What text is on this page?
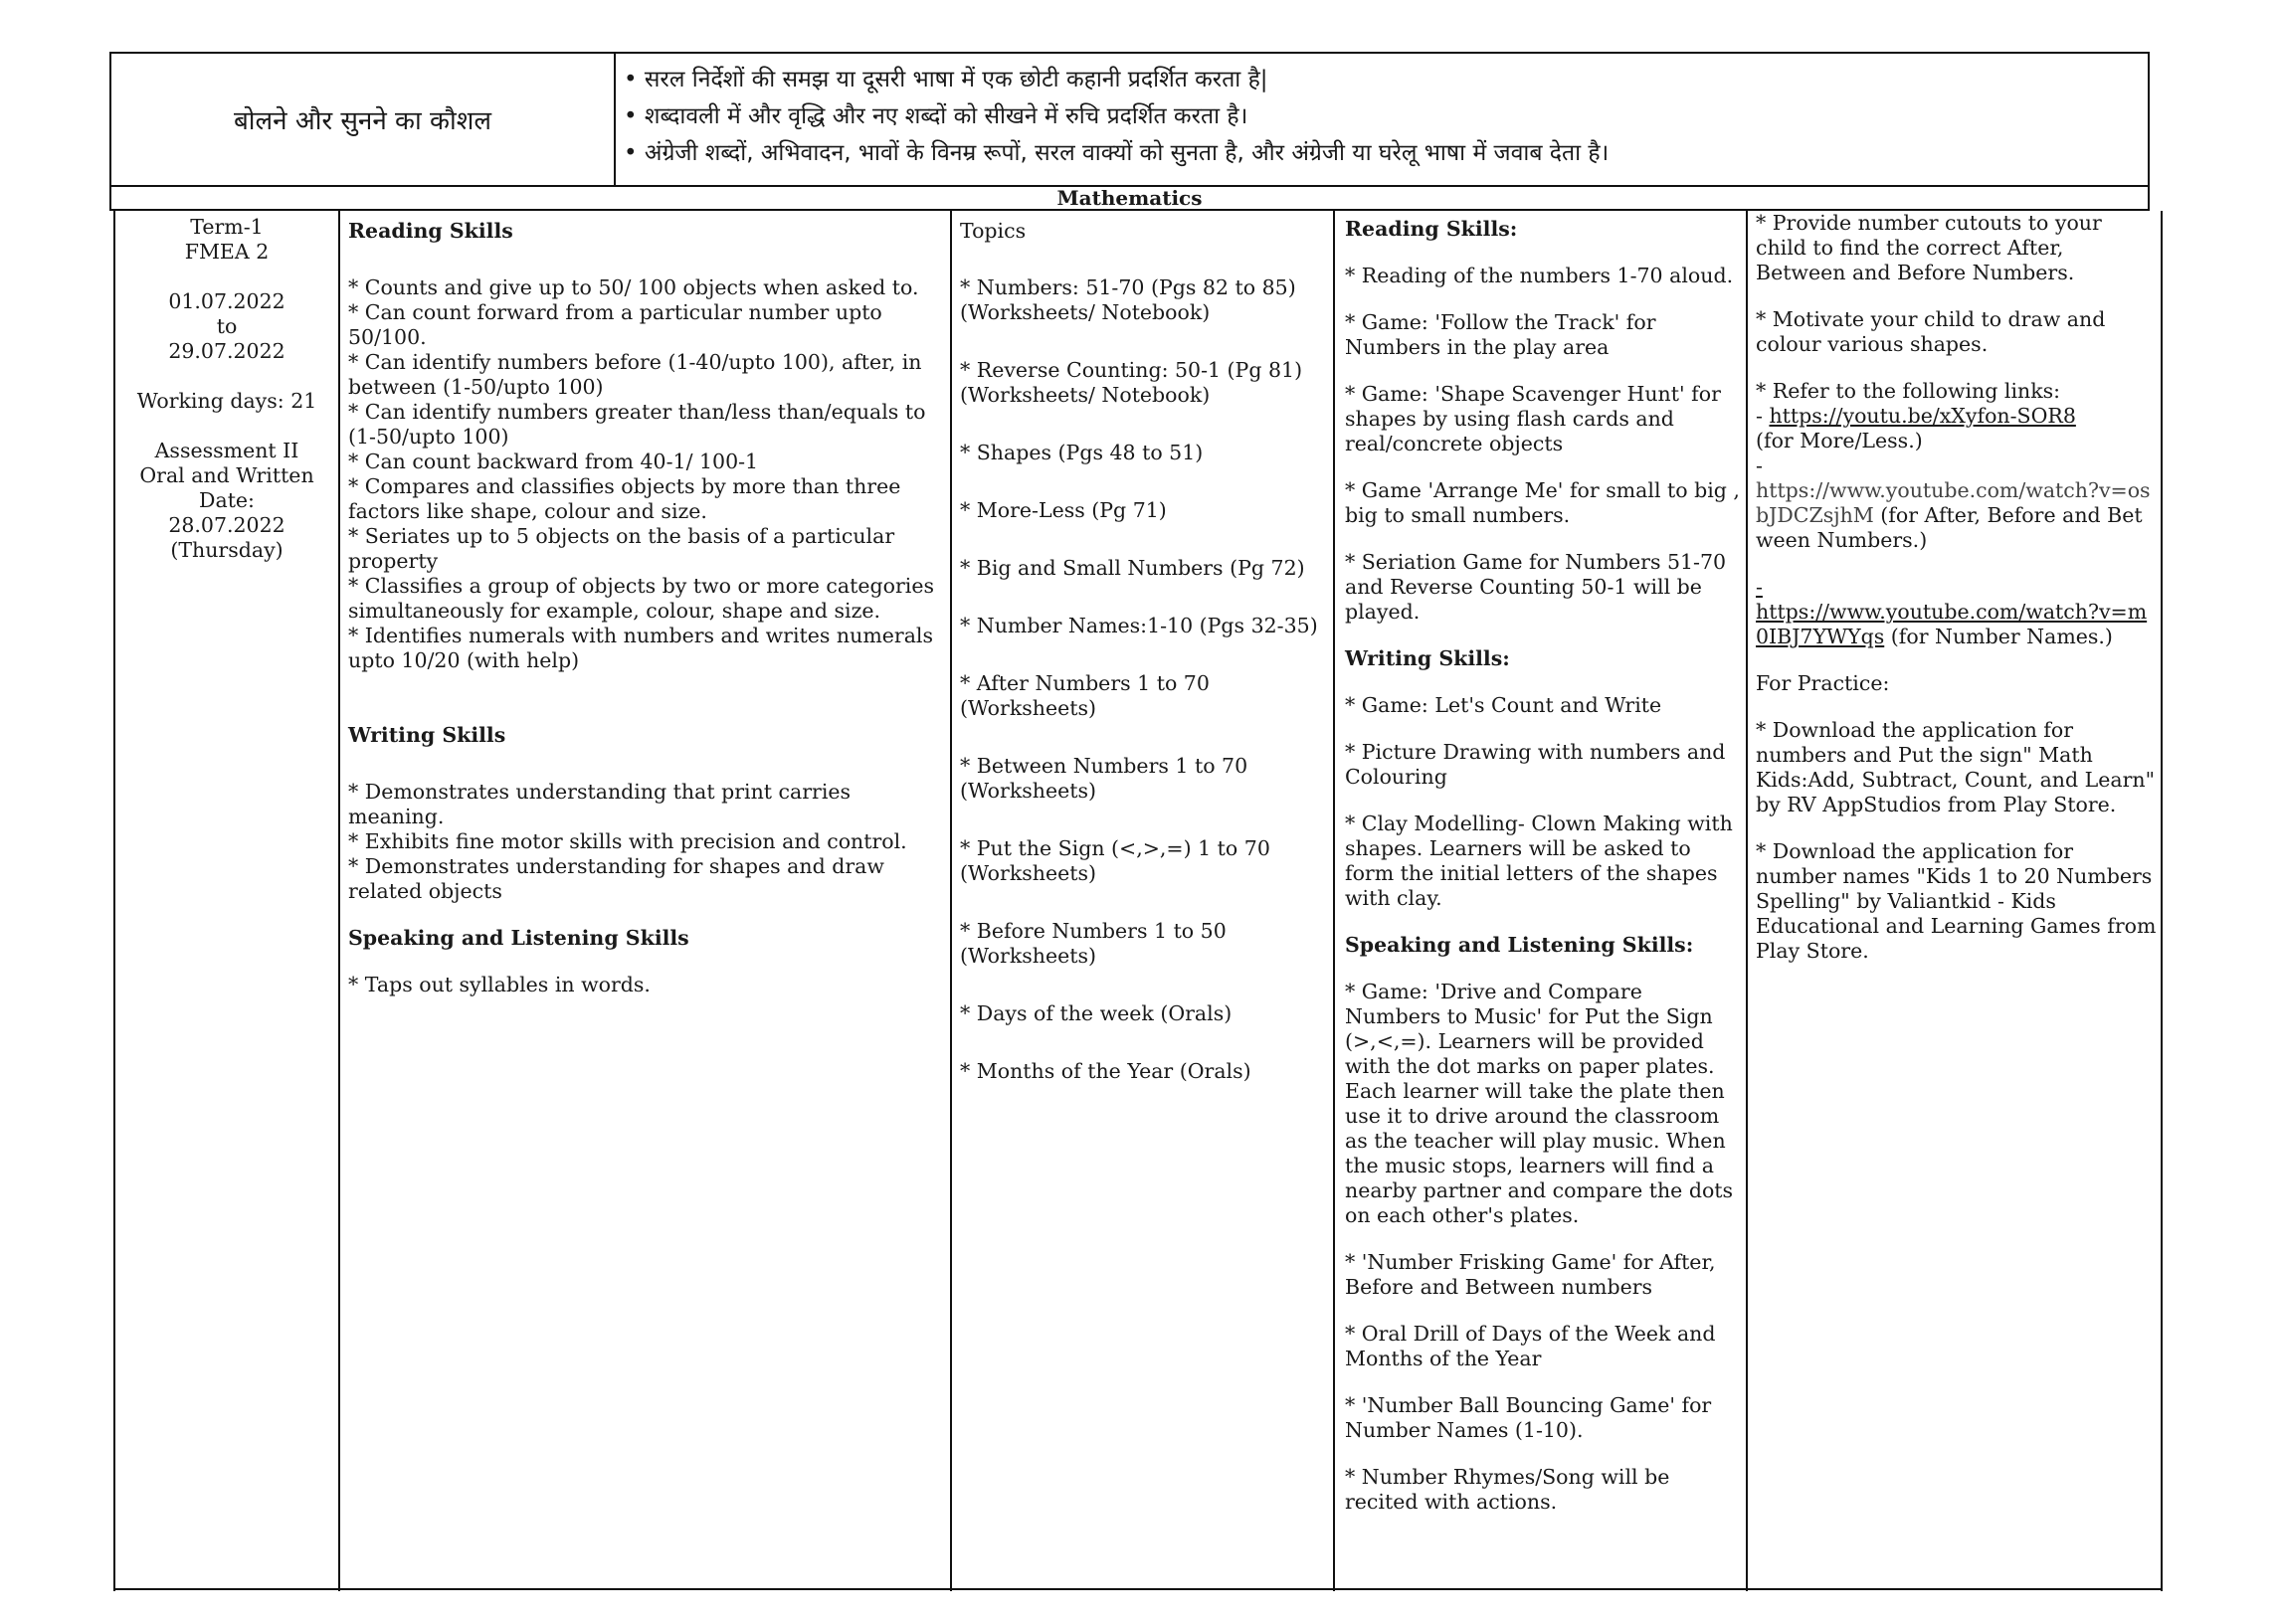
बोलने और सुनने का कौशल
• सरल निर्देशों की समझ या दूसरी भाषा में एक छोटी कहानी प्रदर्शित करता है|
• शब्दावली में और वृद्धि और नए शब्दों को सीखने में रुचि प्रदर्शित करता है।
• अंग्रेजी शब्दों, अभिवादन, भावों के विनम्र रूपों, सरल वाक्यों को सुनता है, और अंग्रेजी या घरेलू भाषा में जवाब देता है।
Mathematics

Term-1

FMEA 2

01.07.2022

to

29.07.2022

Working days: 21

Assessment II

Oral and Written

Date:

28.07.2022

(Thursday)

Reading Skills

* Counts and give up to 50/ 100 objects when asked to.

* Can count forward from a particular number upto 50/100.

* Can identify numbers before (1-40/upto 100), after, in between (1-50/upto 100)

* Can identify numbers greater than/less than/equals to (1-50/upto 100)

* Can count backward from 40-1/ 100-1

* Compares and classifies objects by more than three factors like shape, colour and size.

* Seriates up to 5 objects on the basis of a particular property

* Classifies a group of objects by two or more categories simultaneously for example, colour, shape and size.

* Identifies numerals with numbers and writes numerals upto 10/20 (with help)

Writing Skills

* Demonstrates understanding that print carries meaning.

* Exhibits fine motor skills with precision and control.

* Demonstrates understanding for shapes and draw related objects

Speaking and Listening Skills

* Taps out syllables in words.

Topics

* Numbers: 51-70 (Pgs 82 to 85) (Worksheets/ Notebook)

* Reverse Counting: 50-1 (Pg 81) (Worksheets/ Notebook)

* Shapes (Pgs 48 to 51)

* More-Less (Pg 71)

* Big and Small Numbers (Pg 72)

* Number Names:1-10 (Pgs 32-35)

* After Numbers 1 to 70 (Worksheets)

* Between Numbers 1 to 70 (Worksheets)

* Put the Sign (<,>,=) 1 to 70 (Worksheets)

* Before Numbers 1 to 50 (Worksheets)

* Days of the week (Orals)

* Months of the Year (Orals)

Reading Skills:

* Reading of the numbers 1-70 aloud.

* Game: 'Follow the Track' for Numbers in the play area

* Game: 'Shape Scavenger Hunt' for shapes by using flash cards and real/concrete objects

* Game 'Arrange Me' for small to big , big to small numbers.

* Seriation Game for Numbers 51-70 and Reverse Counting 50-1 will be played.

Writing Skills:

* Game: Let's Count and Write

* Picture Drawing with numbers and Colouring

* Clay Modelling- Clown Making with shapes. Learners will be asked to form the initial letters of the shapes with clay.

Speaking and Listening Skills:

* Game: 'Drive and Compare Numbers to Music' for Put the Sign (>,<,=). Learners will be provided with the dot marks on paper plates. Each learner will take the plate then use it to drive around the classroom as the teacher will play music. When the music stops, learners will find a nearby partner and compare the dots on each other's plates.

* 'Number Frisking Game' for After, Before and Between numbers

* Oral Drill of Days of the Week and Months of the Year

* 'Number Ball Bouncing Game' for Number Names (1-10).

* Number Rhymes/Song will be recited with actions.

* Provide number cutouts to your child to find the correct After, Between and Before Numbers.

* Motivate your child to draw and colour various shapes.

* Refer to the following links:

- https://youtu.be/xXyfon-SOR8

(for More/Less.)

-

https://www.youtube.com/watch?v=osbJDCZsjhM (for After, Before and Between Numbers.)

-

https://www.youtube.com/watch?v=m0IBJ7YWYqs (for Number Names.)

For Practice:

* Download the application for numbers and Put the sign" Math Kids:Add, Subtract, Count, and Learn" by RV AppStudios from Play Store.

* Download the application for number names "Kids 1 to 20 Numbers Spelling" by Valiantkid - Kids Educational and Learning Games from Play Store.
